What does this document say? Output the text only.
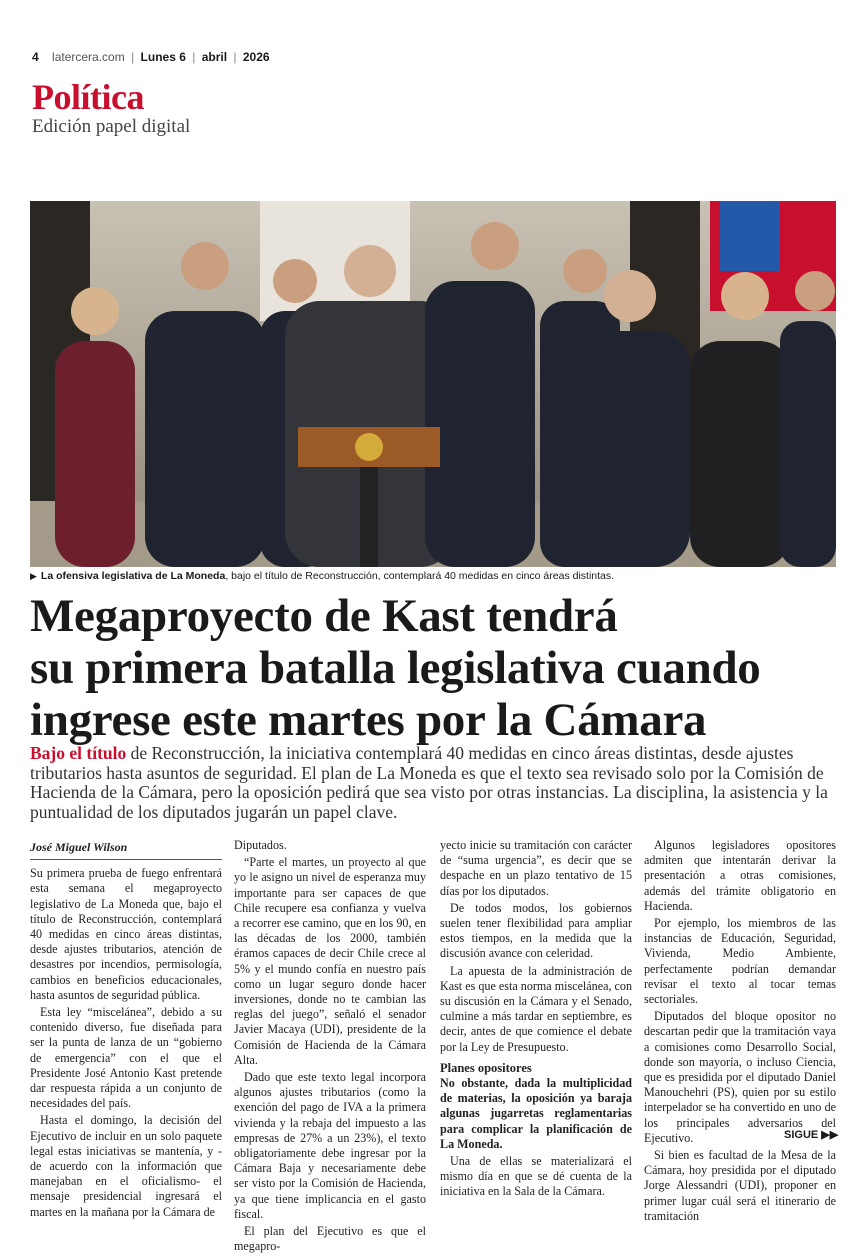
4 latercera.com | Lunes 6 | abril | 2026
Política
Edición papel digital
▶ La ofensiva legislativa de La Moneda, bajo el título de Reconstrucción, contemplará 40 medidas en cinco áreas distintas.
Megaproyecto de Kast tendrá
su primera batalla legislativa cuando
ingrese este martes por la Cámara
Bajo el título de Reconstrucción, la iniciativa contemplará 40 medidas en cinco áreas distintas, desde ajustes tributarios hasta asuntos de seguridad. El plan de La Moneda es que el texto sea revisado solo por la Comisión de Hacienda de la Cámara, pero la oposición pedirá que sea visto por otras instancias. La disciplina, la asistencia y la puntualidad de los diputados jugarán un papel clave.
José Miguel Wilson

Su primera prueba de fuego enfrentará esta semana el megaproyecto legislativo de La Moneda que, bajo el título de Reconstrucción, contemplará 40 medidas en cinco áreas distintas, desde ajustes tributarios, atención de desastres por incendios, permisología, cambios en beneficios educacionales, hasta asuntos de seguridad pública.

Esta ley “miscelánea”, debido a su contenido diverso, fue diseñada para ser la punta de lanza de un “gobierno de emergencia” con el que el Presidente José Antonio Kast pretende dar respuesta rápida a un conjunto de necesidades del país.

Hasta el domingo, la decisión del Ejecutivo de incluir en un solo paquete legal estas iniciativas se mantenía, y -de acuerdo con la información que manejaban en el oficialismo- el mensaje presidencial ingresará el martes en la mañana por la Cámara de

Diputados.

“Parte el martes, un proyecto al que yo le asigno un nivel de esperanza muy importante para ser capaces de que Chile recupere esa confianza y vuelva a recorrer ese camino, que en los 90, en las décadas de los 2000, también éramos capaces de decir Chile crece al 5% y el mundo confía en nuestro país como un lugar seguro donde hacer inversiones, donde no te cambian las reglas del juego”, señaló el senador Javier Macaya (UDI), presidente de la Comisión de Hacienda de la Cámara Alta.

Dado que este texto legal incorpora algunos ajustes tributarios (como la exención del pago de IVA a la primera vivienda y la rebaja del impuesto a las empresas de 27% a un 23%), el texto obligatoriamente debe ingresar por la Cámara Baja y necesariamente debe ser visto por la Comisión de Hacienda, ya que tiene implicancia en el gasto fiscal.

El plan del Ejecutivo es que el megapro-

yecto inicie su tramitación con carácter de “suma urgencia”, es decir que se despache en un plazo tentativo de 15 días por los diputados.

De todos modos, los gobiernos suelen tener flexibilidad para ampliar estos tiempos, en la medida que la discusión avance con celeridad.

La apuesta de la administración de Kast es que esta norma miscelánea, con su discusión en la Cámara y el Senado, culmine a más tardar en septiembre, es decir, antes de que comience el debate por la Ley de Presupuesto.

Planes opositores

No obstante, dada la multiplicidad de materias, la oposición ya baraja algunas jugarretas reglamentarias para complicar la planificación de La Moneda.

Una de ellas se materializará el mismo día en que se dé cuenta de la iniciativa en la Sala de la Cámara.

Algunos legisladores opositores admiten que intentarán derivar la presentación a otras comisiones, además del trámite obligatorio en Hacienda.

Por ejemplo, los miembros de las instancias de Educación, Seguridad, Vivienda, Medio Ambiente, perfectamente podrían demandar revisar el texto al tocar temas sectoriales.

Diputados del bloque opositor no descartan pedir que la tramitación vaya a comisiones como Desarrollo Social, donde son mayoría, o incluso Ciencia, que es presidida por el diputado Daniel Manouchehri (PS), quien por su estilo interpelador se ha convertido en uno de los principales adversarios del Ejecutivo.

Si bien es facultad de la Mesa de la Cámara, hoy presidida por el diputado Jorge Alessandri (UDI), proponer en primer lugar cuál será el itinerario de tramitación

SIGUE ▶▶
